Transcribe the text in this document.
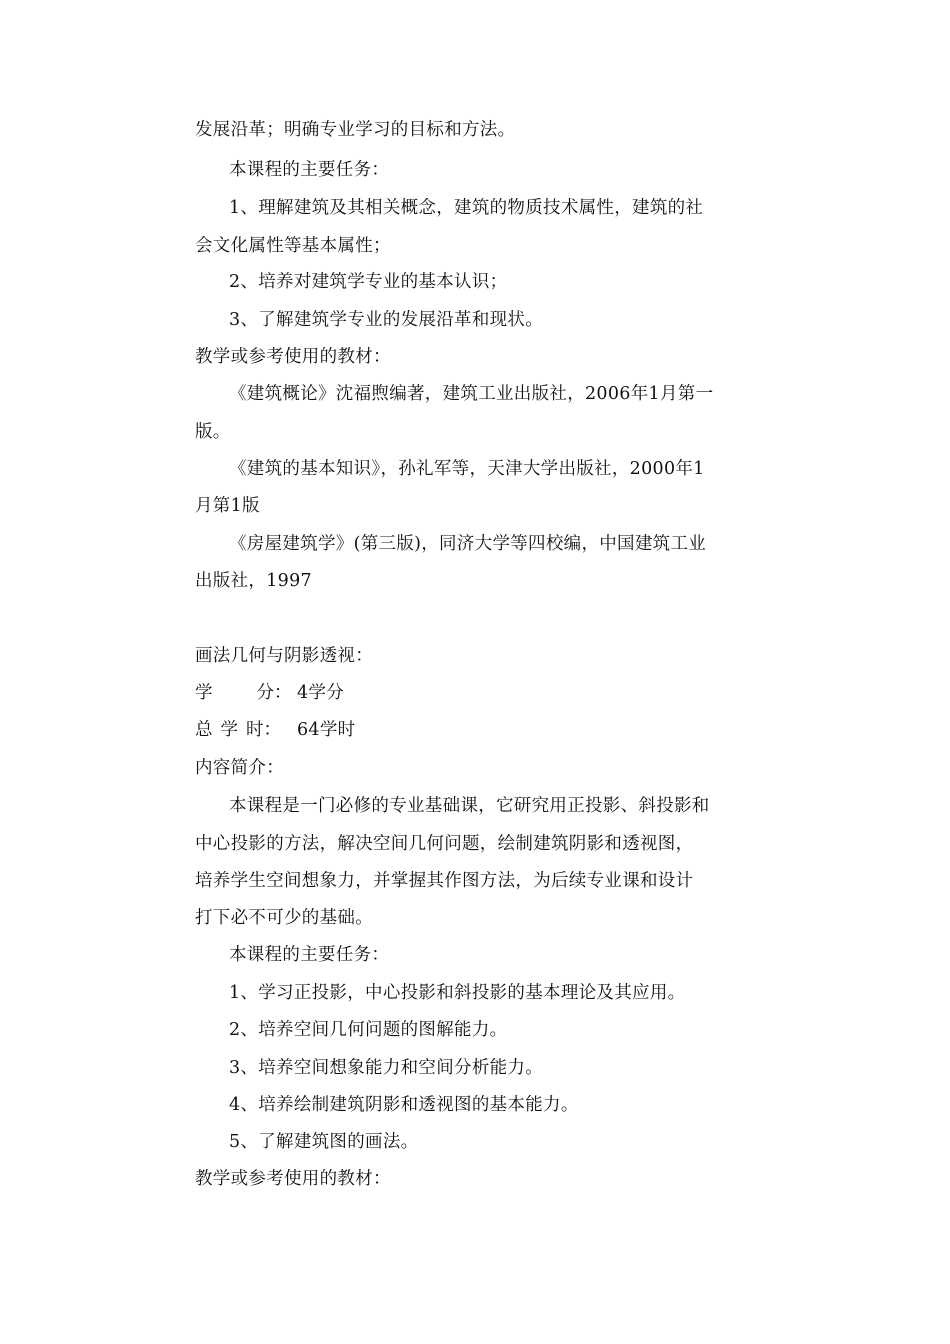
发展沿革；明确专业学习的目标和方法。
本课程的主要任务：
1、理解建筑及其相关概念，建筑的物质技术属性，建筑的社
会文化属性等基本属性；
2、培养对建筑学专业的基本认识；
3、了解建筑学专业的发展沿革和现状。
教学或参考使用的教材：
《建筑概论》沈福煦编著，建筑工业出版社，2006年1月第一
版。
《建筑的基本知识》，孙礼军等，天津大学出版社，2000年1
月第1版
《房屋建筑学》(第三版)，同济大学等四校编，中国建筑工业
出版社，1997
画法几何与阴影透视：
学	分： 4学分
总 学 时： 64学时
内容简介：
本课程是一门必修的专业基础课，它研究用正投影、斜投影和
中心投影的方法，解决空间几何问题，绘制建筑阴影和透视图，
培养学生空间想象力，并掌握其作图方法，为后续专业课和设计
打下必不可少的基础。
本课程的主要任务：
1、学习正投影，中心投影和斜投影的基本理论及其应用。
2、培养空间几何问题的图解能力。
3、培养空间想象能力和空间分析能力。
4、培养绘制建筑阴影和透视图的基本能力。
5、了解建筑图的画法。
教学或参考使用的教材：
